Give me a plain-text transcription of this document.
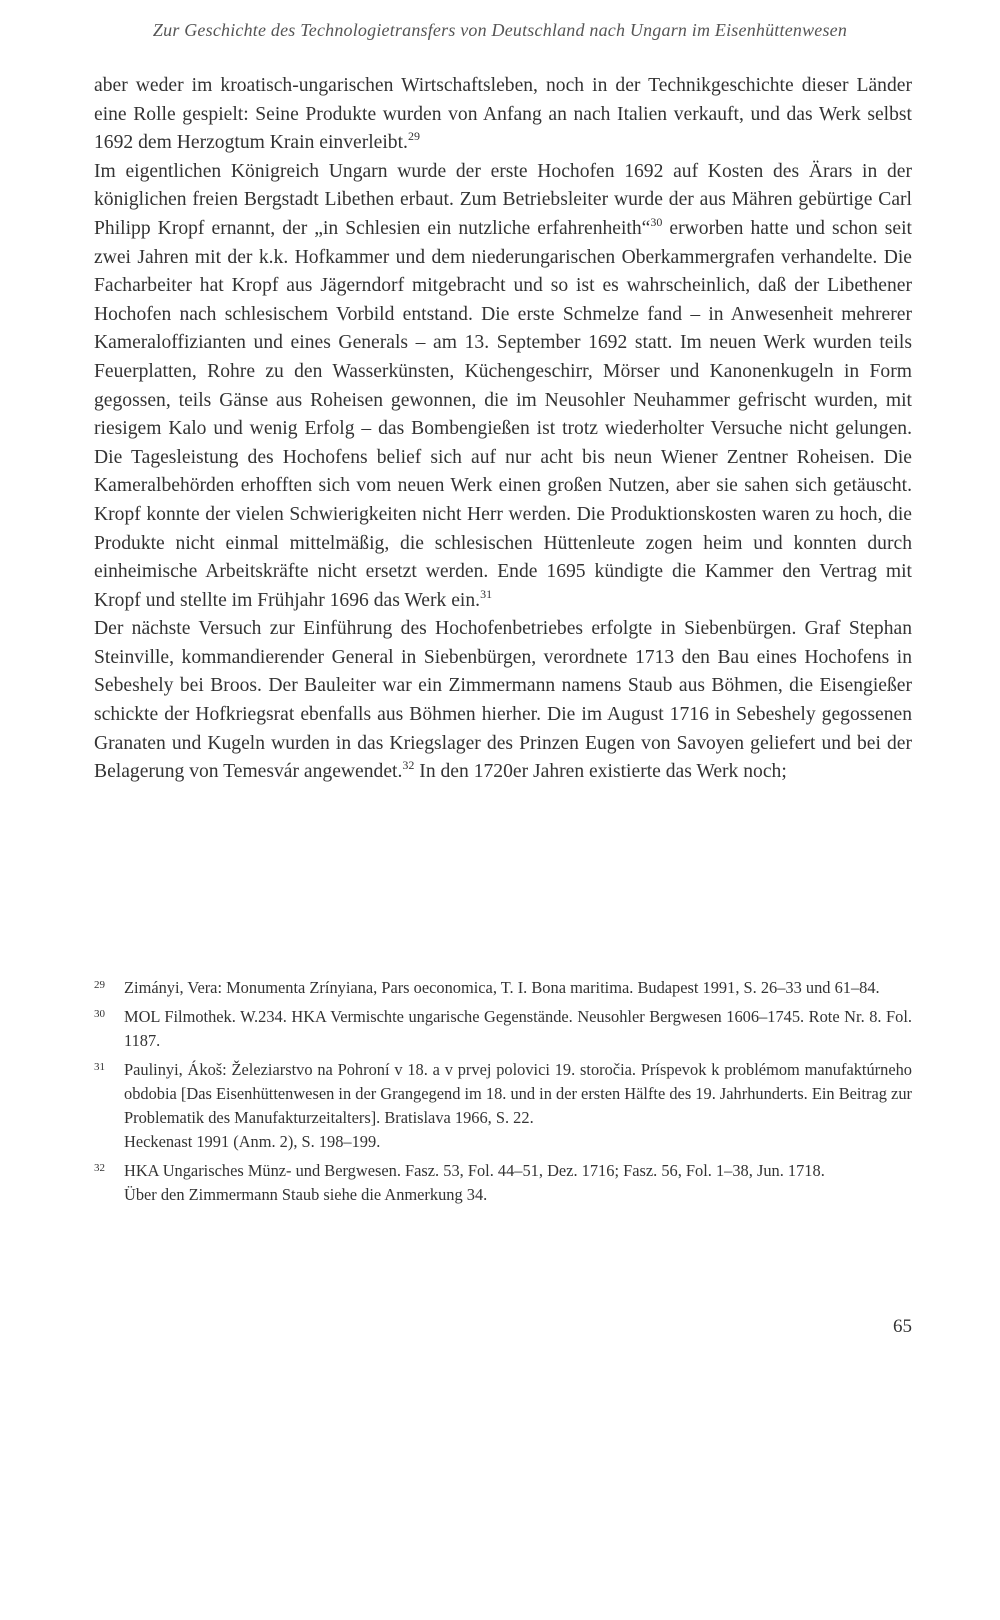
Zur Geschichte des Technologietransfers von Deutschland nach Ungarn im Eisenhüttenwesen

aber weder im kroatisch-ungarischen Wirtschaftsleben, noch in der Technikgeschichte dieser Länder eine Rolle gespielt: Seine Produkte wurden von Anfang an nach Italien verkauft, und das Werk selbst 1692 dem Herzogtum Krain einverleibt.$^{29}$

Im eigentlichen Königreich Ungarn wurde der erste Hochofen 1692 auf Kosten des Ärars in der königlichen freien Bergstadt Libethen erbaut. Zum Betriebsleiter wurde der aus Mähren gebürtige Carl Philipp Kropf ernannt, der „in Schlesien ein nutzliche erfahrenheith“$^{30}$ erworben hatte und schon seit zwei Jahren mit der k.k. Hofkammer und dem niederungarischen Oberkammergrafen verhandelte. Die Facharbeiter hat Kropf aus Jägerndorf mitgebracht und so ist es wahrscheinlich, daß der Libethener Hochofen nach schlesischem Vorbild entstand. Die erste Schmelze fand – in Anwesenheit mehrerer Kameraloffizianten und eines Generals – am 13. September 1692 statt. Im neuen Werk wurden teils Feuerplatten, Rohre zu den Wasserkünsten, Küchengeschirr, Mörser und Kanonenkugeln in Form gegossen, teils Gänse aus Roheisen gewonnen, die im Neusohler Neuhammer gefrischt wurden, mit riesigem Kalo und wenig Erfolg – das Bombengießen ist trotz wiederholter Versuche nicht gelungen. Die Tagesleistung des Hochofens belief sich auf nur acht bis neun Wiener Zentner Roheisen. Die Kameralbehörden erhofften sich vom neuen Werk einen großen Nutzen, aber sie sahen sich getäuscht. Kropf konnte der vielen Schwierigkeiten nicht Herr werden. Die Produktionskosten waren zu hoch, die Produkte nicht einmal mittelmäßig, die schlesischen Hüttenleute zogen heim und konnten durch einheimische Arbeitskräfte nicht ersetzt werden. Ende 1695 kündigte die Kammer den Vertrag mit Kropf und stellte im Frühjahr 1696 das Werk ein.$^{31}$

Der nächste Versuch zur Einführung des Hochofenbetriebes erfolgte in Siebenbürgen. Graf Stephan Steinville, kommandierender General in Siebenbürgen, verordnete 1713 den Bau eines Hochofens in Sebeshely bei Broos. Der Bauleiter war ein Zimmermann namens Staub aus Böhmen, die Eisengießer schickte der Hofkriegsrat ebenfalls aus Böhmen hierher. Die im August 1716 in Sebeshely gegossenen Granaten und Kugeln wurden in das Kriegslager des Prinzen Eugen von Savoyen geliefert und bei der Belagerung von Temesvár angewendet.$^{32}$ In den 1720er Jahren existierte das Werk noch;

29 Zimányi, Vera: Monumenta Zrínyiana, Pars oeconomica, T. I. Bona maritima. Budapest 1991, S. 26–33 und 61–84.
30 MOL Filmothek. W.234. HKA Vermischte ungarische Gegenstände. Neusohler Bergwesen 1606–1745. Rote Nr. 8. Fol. 1187.
31 Paulinyi, Ákoš: Železiarstvo na Pohroní v 18. a v prvej polovici 19. storočia. Príspevok k problémom manufaktúrneho obdobia [Das Eisenhüttenwesen in der Grangegend im 18. und in der ersten Hälfte des 19. Jahrhunderts. Ein Beitrag zur Problematik des Manufakturzeitalters]. Bratislava 1966, S. 22.
Heckenast 1991 (Anm. 2), S. 198–199.
32 HKA Ungarisches Münz- und Bergwesen. Fasz. 53, Fol. 44–51, Dez. 1716; Fasz. 56, Fol. 1–38, Jun. 1718.
Über den Zimmermann Staub siehe die Anmerkung 34.
65
